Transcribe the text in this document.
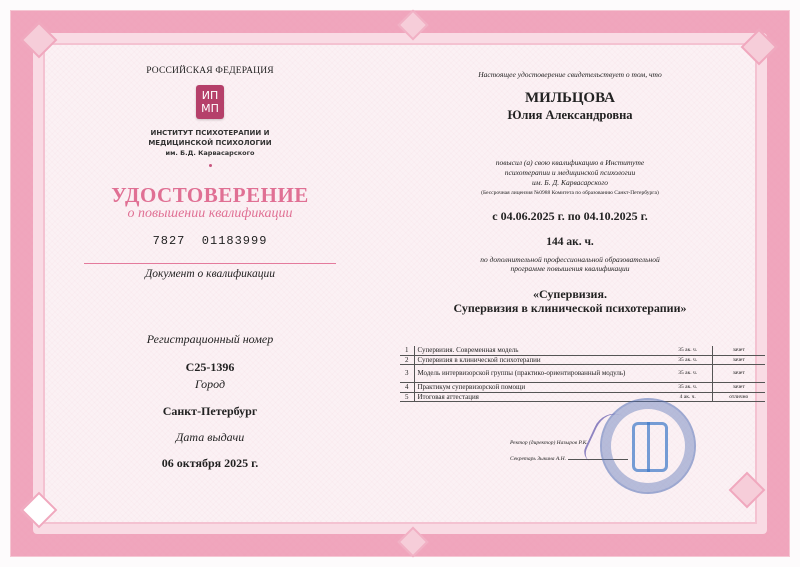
РОССИЙСКАЯ ФЕДЕРАЦИЯ
ИП
МП
ИНСТИТУТ ПСИХОТЕРАПИИ И
МЕДИЦИНСКОЙ ПСИХОЛОГИИ
им. Б.Д. Карвасарского
УДОСТОВЕРЕНИЕ
о повышении квалификации
7827  01183999
Документ о квалификации
Регистрационный номер
С25-1396
Город
Санкт-Петербург
Дата выдачи
06 октября 2025 г.
Настоящее удостоверение свидетельствует о том, что
МИЛЬЦОВА
Юлия Александровна
повысил (а) свою квалификацию в Институте
психотерапии и медицинской психологии
им. Б. Д. Карвасарского
(Бессрочная лицензия №0988 Комитета по образованию Санкт-Петербурга)
с 04.06.2025 г. по 04.10.2025 г.
144 ак. ч.
по дополнительной профессиональной образовательной
программе повышения квалификации
«Супервизия.
Супервизия в клинической психотерапии»
1	Супервизия. Современная модель	35 ак. ч.	зачет
2	Супервизия в клинической психотерапии	35 ак. ч.	зачет
3	Модель интервизорской группы (практико-ориентированный модуль)	35 ак. ч.	зачет
4	Практикум супервизорской помощи	35 ак. ч.	зачет
5	Итоговая аттестация	4 ак. ч.	отлично
Ректор (директор) Назыров Р.К.
Секретарь Зыкина А.Н.
